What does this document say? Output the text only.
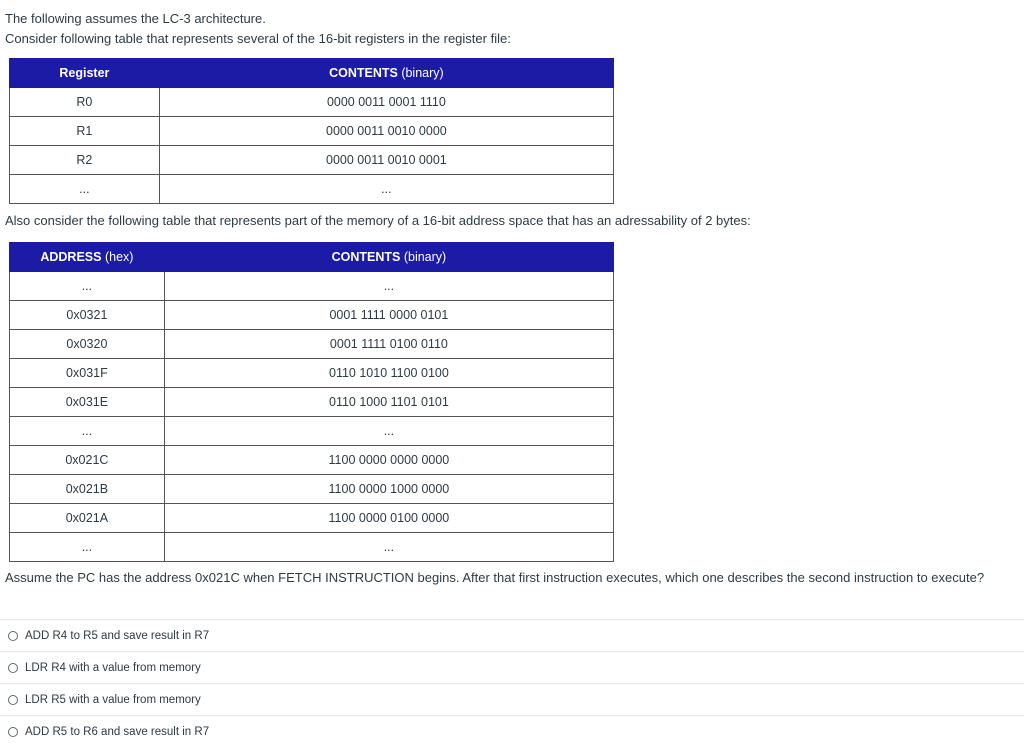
The following assumes the LC-3 architecture.
Consider following table that represents several of the 16-bit registers in the register file:
Register	CONTENTS (binary)
R0	0000 0011 0001 1110
R1	0000 0011 0010 0000
R2	0000 0011 0010 0001
...	...
Also consider the following table that represents part of the memory of a 16-bit address space that has an adressability of 2 bytes:
ADDRESS (hex)	CONTENTS (binary)
...	...
0x0321	0001 1111 0000 0101
0x0320	0001 1111 0100 0110
0x031F	0110 1010 1100 0100
0x031E	0110 1000 1101 0101
...	...
0x021C	1100 0000 0000 0000
0x021B	1100 0000 1000 0000
0x021A	1100 0000 0100 0000
...	...
Assume the PC has the address 0x021C when FETCH INSTRUCTION begins. After that first instruction executes, which one describes the second instruction to execute?
ADD R4 to R5 and save result in R7
LDR R4 with a value from memory
LDR R5 with a value from memory
ADD R5 to R6 and save result in R7
